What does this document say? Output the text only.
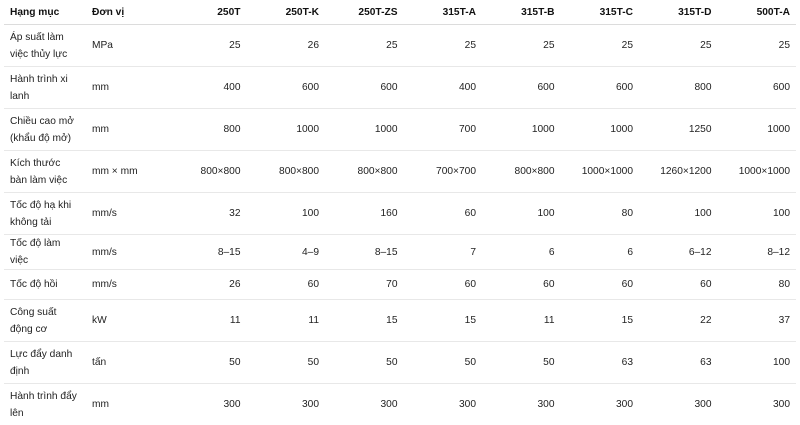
Hạng mục	Đơn vị	250T	250T-K	250T-ZS	315T-A	315T-B	315T-C	315T-D	500T-A
Áp suất làm việc thủy lực	MPa	25	26	25	25	25	25	25	25
Hành trình xi lanh	mm	400	600	600	400	600	600	800	600
Chiều cao mở (khẩu độ mở)	mm	800	1000	1000	700	1000	1000	1250	1000
Kích thước bàn làm việc	mm × mm	800×800	800×800	800×800	700×700	800×800	1000×1000	1260×1200	1000×1000
Tốc độ hạ khi không tải	mm/s	32	100	160	60	100	80	100	100
Tốc độ làm việc	mm/s	8–15	4–9	8–15	7	6	6	6–12	8–12
Tốc độ hồi	mm/s	26	60	70	60	60	60	60	80
Công suất động cơ	kW	11	11	15	15	11	15	22	37
Lực đẩy danh định	tấn	50	50	50	50	50	63	63	100
Hành trình đẩy lên	mm	300	300	300	300	300	300	300	300
